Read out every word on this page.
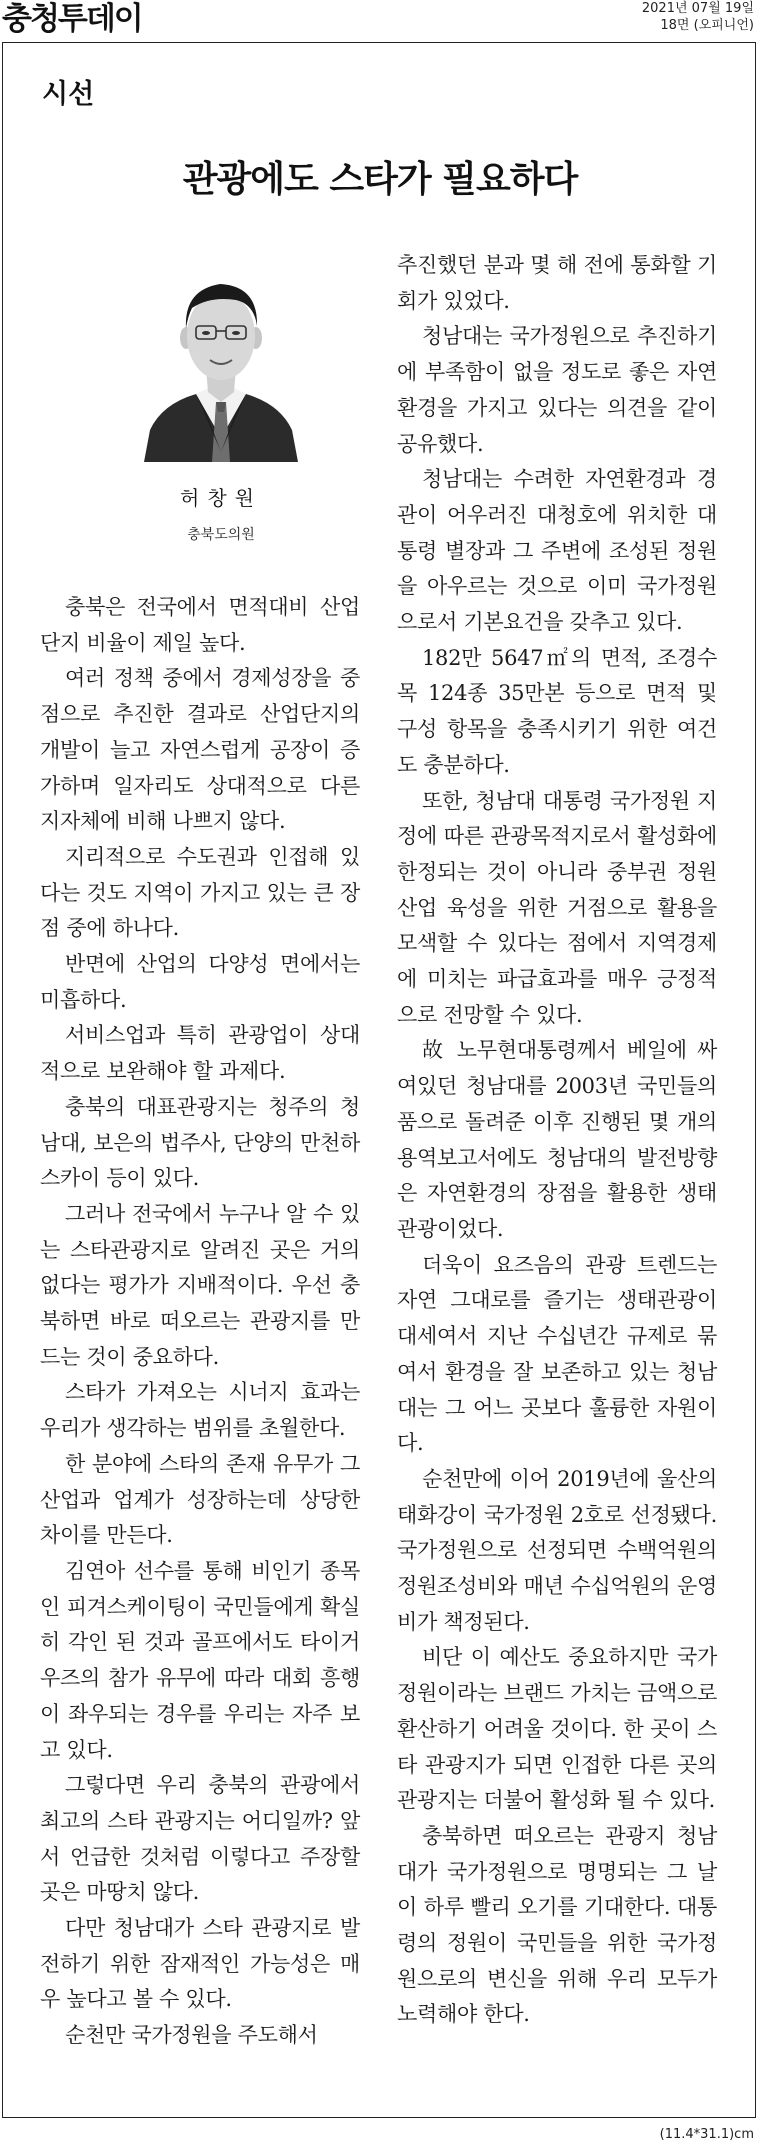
충청투데이	2021년 07월 19일
18면 (오피니언)
시선
관광에도 스타가 필요하다
허창원
충북도의원

충북은 전국에서 면적대비 산업단지 비율이 제일 높다.

여러 정책 중에서 경제성장을 중점으로 추진한 결과로 산업단지의 개발이 늘고 자연스럽게 공장이 증가하며 일자리도 상대적으로 다른 지자체에 비해 나쁘지 않다.

지리적으로 수도권과 인접해 있다는 것도 지역이 가지고 있는 큰 장점 중에 하나다.

반면에 산업의 다양성 면에서는 미흡하다.

서비스업과 특히 관광업이 상대적으로 보완해야 할 과제다.

충북의 대표관광지는 청주의 청남대, 보은의 법주사, 단양의 만천하스카이 등이 있다.

그러나 전국에서 누구나 알 수 있는 스타관광지로 알려진 곳은 거의 없다는 평가가 지배적이다. 우선 충북하면 바로 떠오르는 관광지를 만드는 것이 중요하다.

스타가 가져오는 시너지 효과는 우리가 생각하는 범위를 초월한다.

한 분야에 스타의 존재 유무가 그 산업과 업계가 성장하는데 상당한 차이를 만든다.

김연아 선수를 통해 비인기 종목인 피겨스케이팅이 국민들에게 확실히 각인 된 것과 골프에서도 타이거우즈의 참가 유무에 따라 대회 흥행이 좌우되는 경우를 우리는 자주 보고 있다.

그렇다면 우리 충북의 관광에서 최고의 스타 관광지는 어디일까? 앞서 언급한 것처럼 이렇다고 주장할 곳은 마땅치 않다.

다만 청남대가 스타 관광지로 발전하기 위한 잠재적인 가능성은 매우 높다고 볼 수 있다.

순천만 국가정원을 주도해서

추진했던 분과 몇 해 전에 통화할 기회가 있었다.

청남대는 국가정원으로 추진하기에 부족함이 없을 정도로 좋은 자연 환경을 가지고 있다는 의견을 같이 공유했다.

청남대는 수려한 자연환경과 경관이 어우러진 대청호에 위치한 대통령 별장과 그 주변에 조성된 정원을 아우르는 것으로 이미 국가정원으로서 기본요건을 갖추고 있다.

182만 5647㎡의 면적, 조경수목 124종 35만본 등으로 면적 및 구성 항목을 충족시키기 위한 여건도 충분하다.

또한, 청남대 대통령 국가정원 지정에 따른 관광목적지로서 활성화에 한정되는 것이 아니라 중부권 정원산업 육성을 위한 거점으로 활용을 모색할 수 있다는 점에서 지역경제에 미치는 파급효과를 매우 긍정적으로 전망할 수 있다.

故 노무현대통령께서 베일에 싸여있던 청남대를 2003년 국민들의 품으로 돌려준 이후 진행된 몇 개의 용역보고서에도 청남대의 발전방향은 자연환경의 장점을 활용한 생태관광이었다.

더욱이 요즈음의 관광 트렌드는 자연 그대로를 즐기는 생태관광이 대세여서 지난 수십년간 규제로 묶여서 환경을 잘 보존하고 있는 청남대는 그 어느 곳보다 훌륭한 자원이다.

순천만에 이어 2019년에 울산의 태화강이 국가정원 2호로 선정됐다. 국가정원으로 선정되면 수백억원의 정원조성비와 매년 수십억원의 운영비가 책정된다.

비단 이 예산도 중요하지만 국가정원이라는 브랜드 가치는 금액으로 환산하기 어려울 것이다. 한 곳이 스타 관광지가 되면 인접한 다른 곳의 관광지는 더불어 활성화 될 수 있다.

충북하면 떠오르는 관광지 청남대가 국가정원으로 명명되는 그 날이 하루 빨리 오기를 기대한다. 대통령의 정원이 국민들을 위한 국가정원으로의 변신을 위해 우리 모두가 노력해야 한다.

(11.4*31.1)cm
